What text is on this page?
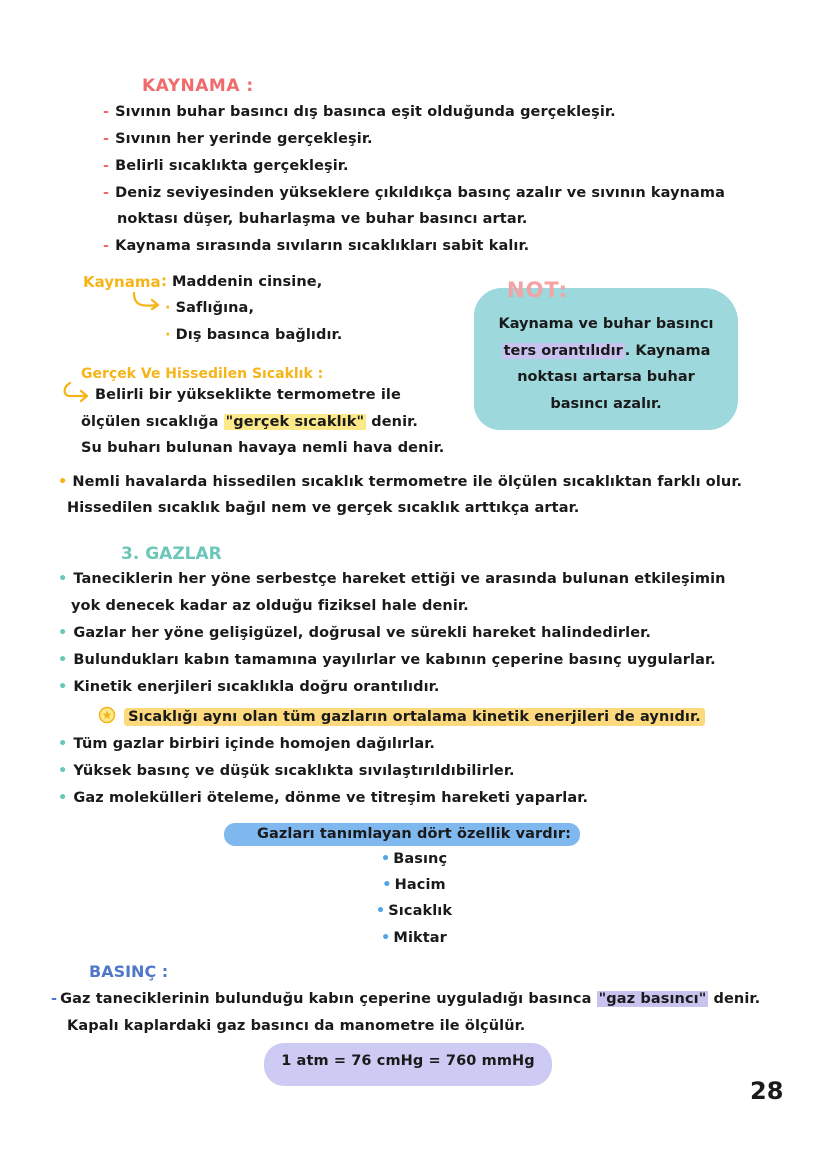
KAYNAMA :
- Sıvının buhar basıncı dış basınca eşit olduğunda gerçekleşir.
- Sıvının her yerinde gerçekleşir.
- Belirli sıcaklıkta gerçekleşir.
- Deniz seviyesinden yükseklere çıkıldıkça basınç azalır ve sıvının kaynama
noktası düşer, buharlaşma ve buhar basıncı artar.
- Kaynama sırasında sıvıların sıcaklıkları sabit kalır.
Kaynama : Maddenin cinsine,
· Saflığına,
· Dış basınca bağlıdır.
NOT:
Kaynama ve buhar basıncı
ters orantılıdır . Kaynama
noktası artarsa buhar
basıncı azalır.
Gerçek Ve Hissedilen Sıcaklık :
Belirli bir yükseklikte termometre ile
ölçülen sıcaklığa "gerçek sıcaklık" denir.
Su buharı bulunan havaya nemli hava denir.
• Nemli havalarda hissedilen sıcaklık termometre ile ölçülen sıcaklıktan farklı olur.
Hissedilen sıcaklık bağıl nem ve gerçek sıcaklık arttıkça artar.
3. GAZLAR
• Taneciklerin her yöne serbestçe hareket ettiği ve arasında bulunan etkileşimin
yok denecek kadar az olduğu fiziksel hale denir.
• Gazlar her yöne gelişigüzel, doğrusal ve sürekli hareket halindedirler.
• Bulundukları kabın tamamına yayılırlar ve kabının çeperine basınç uygularlar.
• Kinetik enerjileri sıcaklıkla doğru orantılıdır.
Sıcaklığı aynı olan tüm gazların ortalama kinetik enerjileri de aynıdır.
• Tüm gazlar birbiri içinde homojen dağılırlar.
• Yüksek basınç ve düşük sıcaklıkta sıvılaştırıldıbilirler.
• Gaz molekülleri öteleme, dönme ve titreşim hareketi yaparlar.
Gazları tanımlayan dört özellik vardır:
• Basınç
• Hacim
• Sıcaklık
• Miktar
BASINÇ :
- Gaz taneciklerinin bulunduğu kabın çeperine uyguladığı basınca "gaz basıncı" denir.
Kapalı kaplardaki gaz basıncı da manometre ile ölçülür.
1 atm = 76 cmHg = 760 mmHg
28
